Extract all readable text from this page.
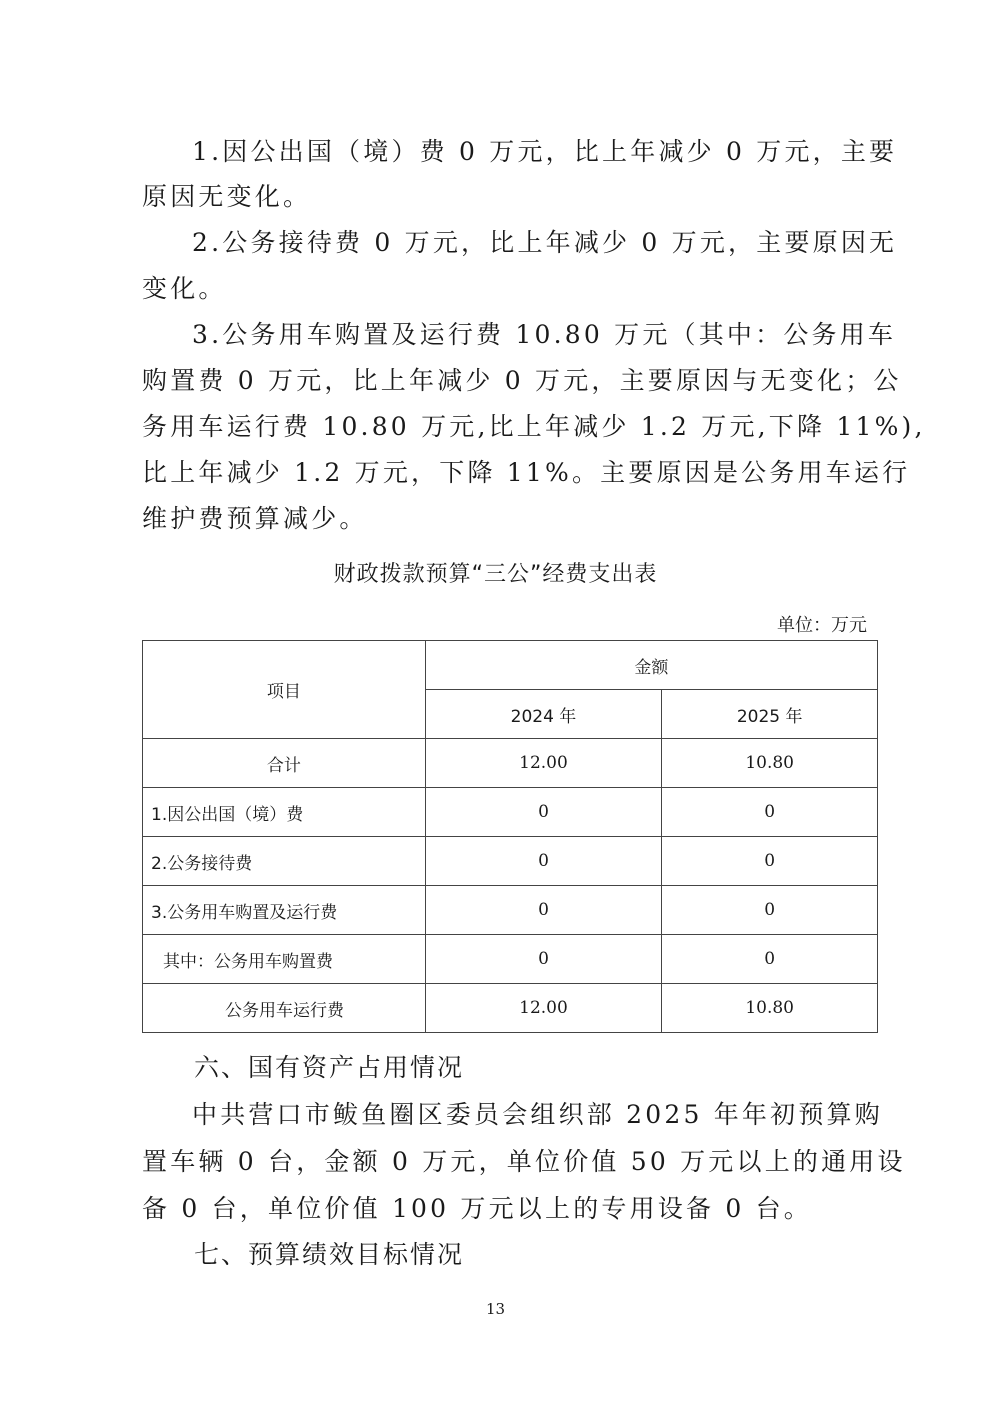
1.因公出国（境）费 0 万元，比上年减少 0 万元，主要
原因无变化。
2.公务接待费 0 万元，比上年减少 0 万元，主要原因无
变化。
3.公务用车购置及运行费 10.80 万元（其中：公务用车
购置费 0 万元，比上年减少 0 万元，主要原因与无变化；公
务用车运行费 10.80 万元,比上年减少 1.2 万元,下降 11%),
比上年减少 1.2 万元，下降 11%。主要原因是公务用车运行
维护费预算减少。
财政拨款预算“三公”经费支出表
单位：万元
项目	金额	
	2024 年	2025 年
合计	12.00	10.80
1.因公出国（境）费	0	0
2.公务接待费	0	0
3.公务用车购置及运行费	0	0
其中：公务用车购置费	0	0
公务用车运行费	12.00	10.80
六、国有资产占用情况
中共营口市鲅鱼圈区委员会组织部 2025 年年初预算购
置车辆 0 台，金额 0 万元，单位价值 50 万元以上的通用设
备 0 台，单位价值 100 万元以上的专用设备 0 台。
七、预算绩效目标情况
13
